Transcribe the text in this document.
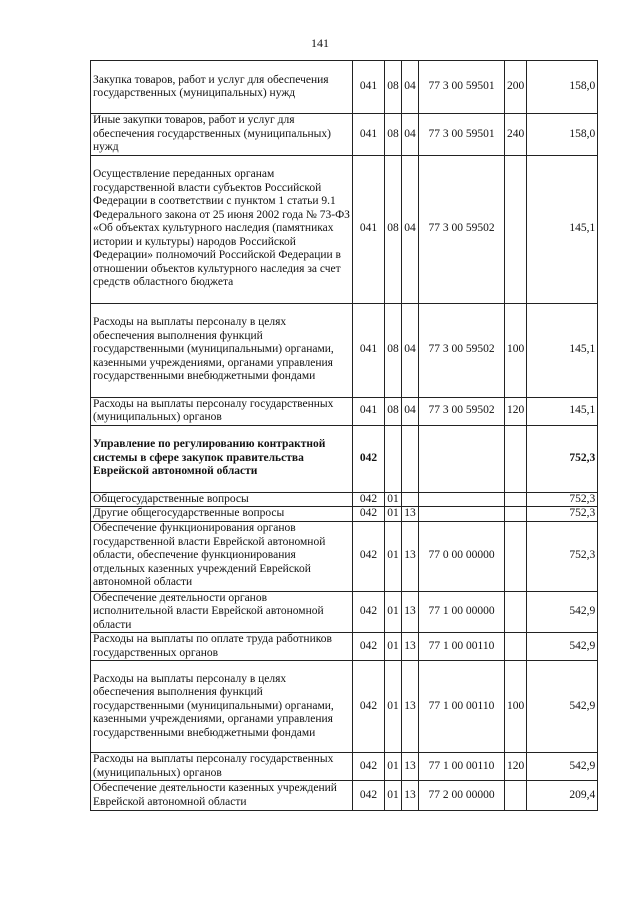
141
Закупка товаров, работ и услуг для обеспечения государственных (муниципальных) нужд	041	08	04	77 3 00 59501	200	158,0
Иные закупки товаров, работ и услуг для обеспечения государственных (муниципальных) нужд	041	08	04	77 3 00 59501	240	158,0
Осуществление переданных органам государственной власти субъектов Российской Федерации в соответствии с пунктом 1 статьи 9.1 Федерального закона от 25 июня 2002 года № 73-ФЗ «Об объектах культурного наследия (памятниках истории и культуры) народов Российской Федерации» полномочий Российской Федерации в отношении объектов культурного наследия за счет средств областного бюджета	041	08	04	77 3 00 59502		145,1
Расходы на выплаты персоналу в целях обеспечения выполнения функций государственными (муниципальными) органами, казенными учреждениями, органами управления государственными внебюджетными фондами	041	08	04	77 3 00 59502	100	145,1
Расходы на выплаты персоналу государственных (муниципальных) органов	041	08	04	77 3 00 59502	120	145,1
Управление по регулированию контрактной системы в сфере закупок правительства Еврейской автономной области	042					752,3
Общегосударственные вопросы	042	01				752,3
Другие общегосударственные вопросы	042	01	13			752,3
Обеспечение функционирования органов государственной власти Еврейской автономной области, обеспечение функционирования отдельных казенных учреждений Еврейской автономной области	042	01	13	77 0 00 00000		752,3
Обеспечение деятельности органов исполнительной власти Еврейской автономной области	042	01	13	77 1 00 00000		542,9
Расходы на выплаты по оплате труда работников государственных органов	042	01	13	77 1 00 00110		542,9
Расходы на выплаты персоналу в целях обеспечения выполнения функций государственными (муниципальными) органами, казенными учреждениями, органами управления государственными внебюджетными фондами	042	01	13	77 1 00 00110	100	542,9
Расходы на выплаты персоналу государственных (муниципальных) органов	042	01	13	77 1 00 00110	120	542,9
Обеспечение деятельности казенных учреждений Еврейской автономной области	042	01	13	77 2 00 00000		209,4
